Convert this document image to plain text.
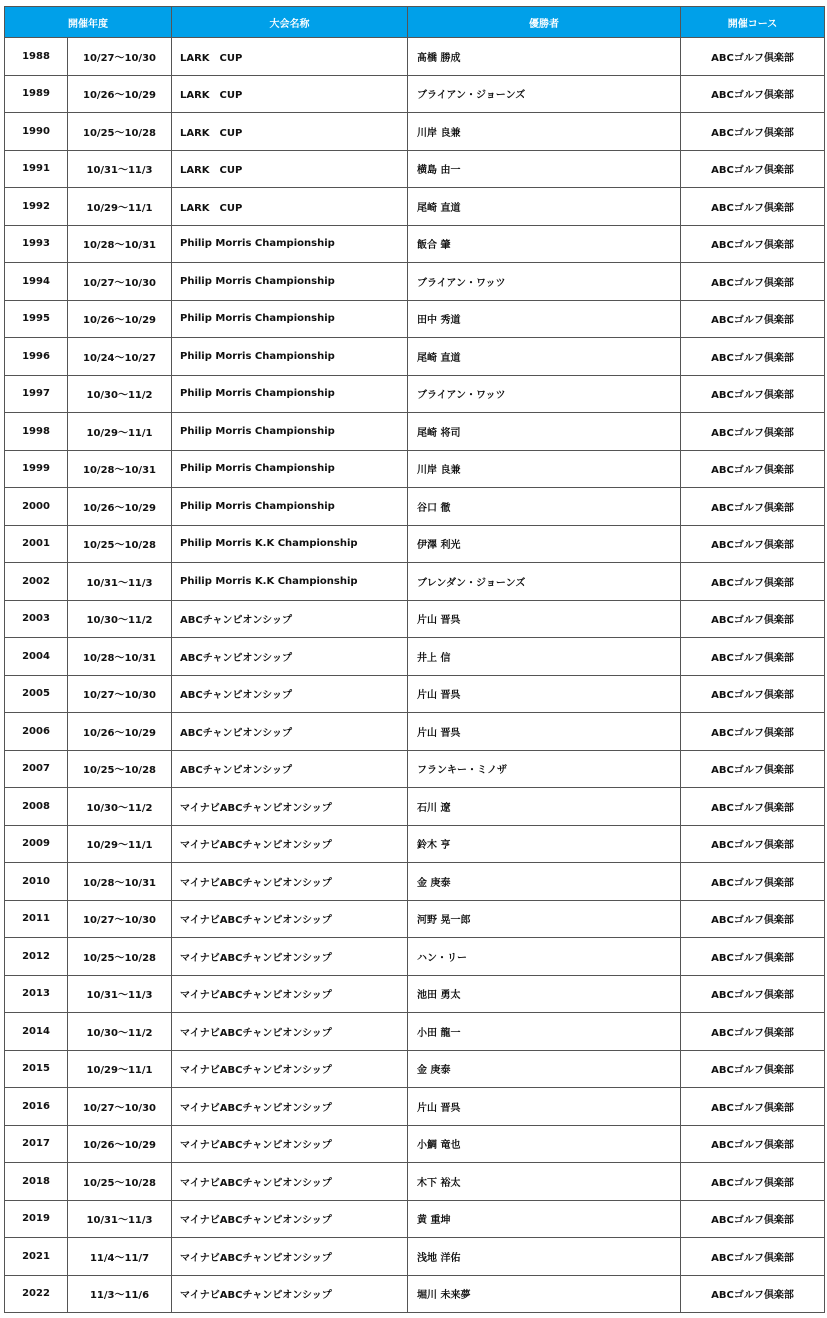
開催年度		大会名称	優勝者	開催コース
1988	10/27〜10/30	LARK　CUP	髙橋 勝成	ABCゴルフ倶楽部
1989	10/26〜10/29	LARK　CUP	ブライアン・ジョーンズ	ABCゴルフ倶楽部
1990	10/25〜10/28	LARK　CUP	川岸 良兼	ABCゴルフ倶楽部
1991	10/31〜11/3	LARK　CUP	横島 由一	ABCゴルフ倶楽部
1992	10/29〜11/1	LARK　CUP	尾崎 直道	ABCゴルフ倶楽部
1993	10/28〜10/31	Philip Morris Championship	飯合 肇	ABCゴルフ倶楽部
1994	10/27〜10/30	Philip Morris Championship	ブライアン・ワッツ	ABCゴルフ倶楽部
1995	10/26〜10/29	Philip Morris Championship	田中 秀道	ABCゴルフ倶楽部
1996	10/24〜10/27	Philip Morris Championship	尾崎 直道	ABCゴルフ倶楽部
1997	10/30〜11/2	Philip Morris Championship	ブライアン・ワッツ	ABCゴルフ倶楽部
1998	10/29〜11/1	Philip Morris Championship	尾崎 将司	ABCゴルフ倶楽部
1999	10/28〜10/31	Philip Morris Championship	川岸 良兼	ABCゴルフ倶楽部
2000	10/26〜10/29	Philip Morris Championship	谷口 徹	ABCゴルフ倶楽部
2001	10/25〜10/28	Philip Morris K.K Championship	伊澤 利光	ABCゴルフ倶楽部
2002	10/31〜11/3	Philip Morris K.K Championship	ブレンダン・ジョーンズ	ABCゴルフ倶楽部
2003	10/30〜11/2	ABCチャンピオンシップ	片山 晋呉	ABCゴルフ倶楽部
2004	10/28〜10/31	ABCチャンピオンシップ	井上 信	ABCゴルフ倶楽部
2005	10/27〜10/30	ABCチャンピオンシップ	片山 晋呉	ABCゴルフ倶楽部
2006	10/26〜10/29	ABCチャンピオンシップ	片山 晋呉	ABCゴルフ倶楽部
2007	10/25〜10/28	ABCチャンピオンシップ	フランキー・ミノザ	ABCゴルフ倶楽部
2008	10/30〜11/2	マイナビABCチャンピオンシップ	石川 遼	ABCゴルフ倶楽部
2009	10/29〜11/1	マイナビABCチャンピオンシップ	鈴木 亨	ABCゴルフ倶楽部
2010	10/28〜10/31	マイナビABCチャンピオンシップ	金 庚泰	ABCゴルフ倶楽部
2011	10/27〜10/30	マイナビABCチャンピオンシップ	河野 晃一郎	ABCゴルフ倶楽部
2012	10/25〜10/28	マイナビABCチャンピオンシップ	ハン・リー	ABCゴルフ倶楽部
2013	10/31〜11/3	マイナビABCチャンピオンシップ	池田 勇太	ABCゴルフ倶楽部
2014	10/30〜11/2	マイナビABCチャンピオンシップ	小田 龍一	ABCゴルフ倶楽部
2015	10/29〜11/1	マイナビABCチャンピオンシップ	金 庚泰	ABCゴルフ倶楽部
2016	10/27〜10/30	マイナビABCチャンピオンシップ	片山 晋呉	ABCゴルフ倶楽部
2017	10/26〜10/29	マイナビABCチャンピオンシップ	小鯛 竜也	ABCゴルフ倶楽部
2018	10/25〜10/28	マイナビABCチャンピオンシップ	木下 裕太	ABCゴルフ倶楽部
2019	10/31〜11/3	マイナビABCチャンピオンシップ	黄 重坤	ABCゴルフ倶楽部
2021	11/4〜11/7	マイナビABCチャンピオンシップ	浅地 洋佑	ABCゴルフ倶楽部
2022	11/3〜11/6	マイナビABCチャンピオンシップ	堀川 未来夢	ABCゴルフ倶楽部
